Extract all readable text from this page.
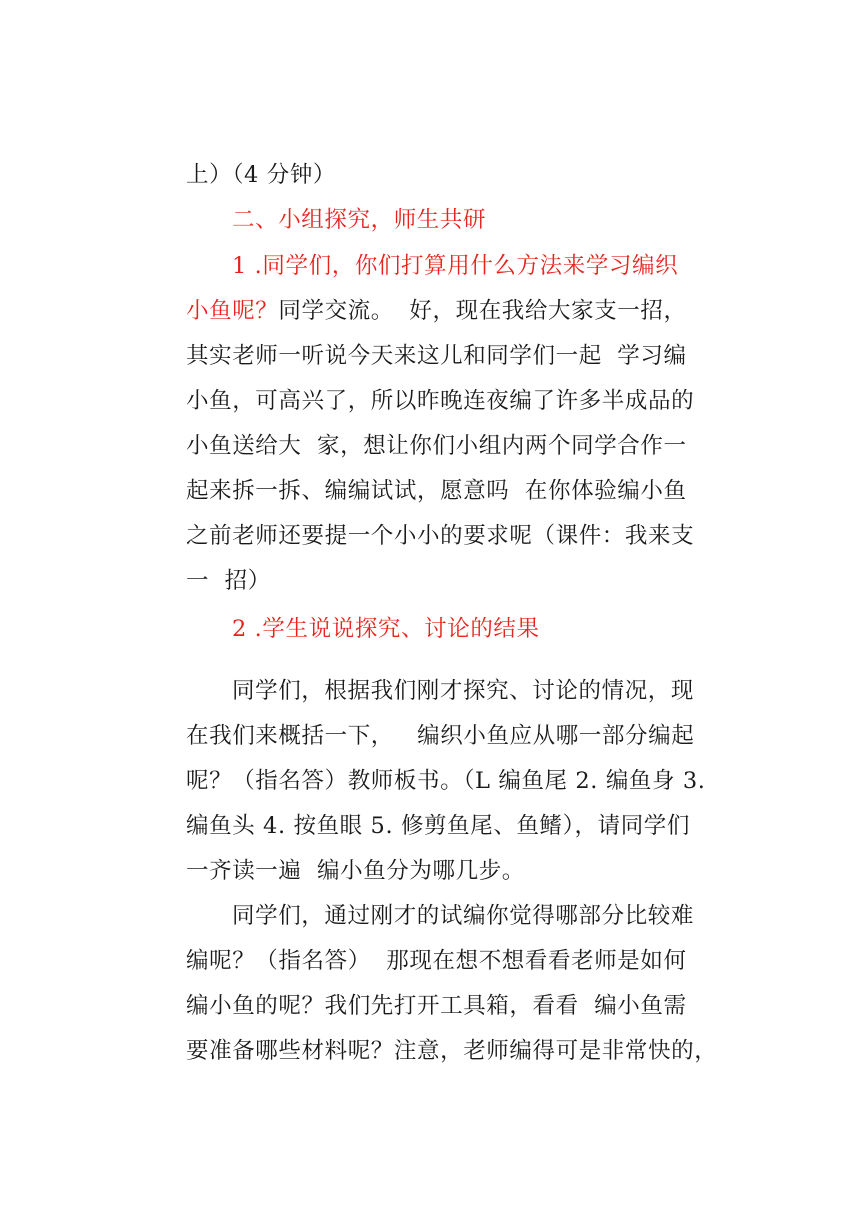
上）（4 分钟）
二、小组探究，师生共研
1 .同学们，你们打算用什么方法来学习编织
小鱼呢？同学交流。  好，现在我给大家支一招，
其实老师一听说今天来这儿和同学们一起  学习编
小鱼，可高兴了，所以昨晚连夜编了许多半成品的
小鱼送给大  家，想让你们小组内两个同学合作一
起来拆一拆、编编试试，愿意吗  在你体验编小鱼
之前老师还要提一个小小的要求呢（课件：我来支
一  招）
2 .学生说说探究、讨论的结果
同学们，根据我们刚才探究、讨论的情况，现
在我们来概括一下，   编织小鱼应从哪一部分编起
呢？（指名答）教师板书。（L 编鱼尾 2. 编鱼身 3.
编鱼头 4. 按鱼眼 5. 修剪鱼尾、鱼鳍），请同学们
一齐读一遍  编小鱼分为哪几步。
同学们，通过刚才的试编你觉得哪部分比较难
编呢？（指名答）  那现在想不想看看老师是如何
编小鱼的呢？我们先打开工具箱，看看  编小鱼需
要准备哪些材料呢？注意，老师编得可是非常快的，
